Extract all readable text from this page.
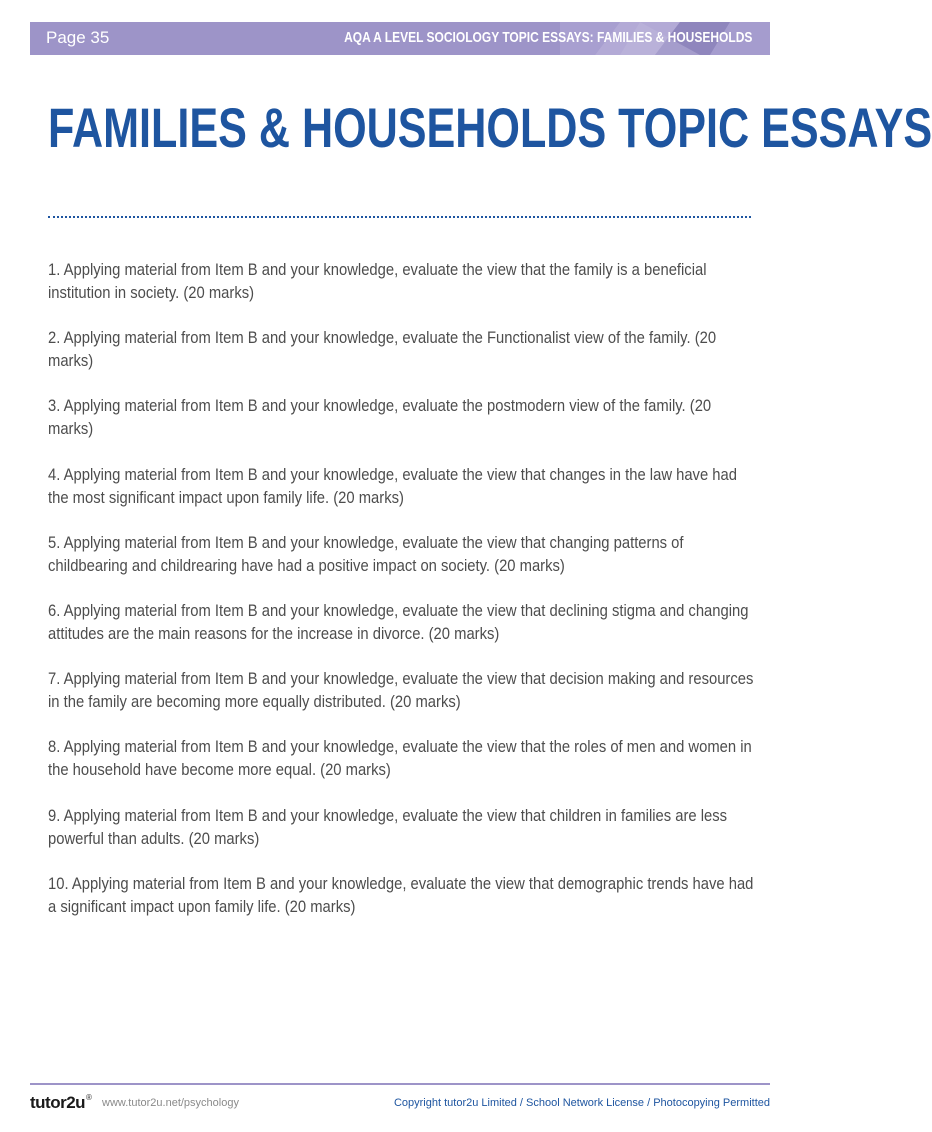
Page 35	AQA A LEVEL SOCIOLOGY TOPIC ESSAYS: FAMILIES & HOUSEHOLDS
FAMILIES & HOUSEHOLDS TOPIC ESSAYS
1. Applying material from Item B and your knowledge, evaluate the view that the family is a beneficial institution in society. (20 marks)
2. Applying material from Item B and your knowledge, evaluate the Functionalist view of the family. (20 marks)
3. Applying material from Item B and your knowledge, evaluate the postmodern view of the family. (20 marks)
4. Applying material from Item B and your knowledge, evaluate the view that changes in the law have had the most significant impact upon family life. (20 marks)
5. Applying material from Item B and your knowledge, evaluate the view that changing patterns of childbearing and childrearing have had a positive impact on society. (20 marks)
6. Applying material from Item B and your knowledge, evaluate the view that declining stigma and changing attitudes are the main reasons for the increase in divorce. (20 marks)
7. Applying material from Item B and your knowledge, evaluate the view that decision making and resources in the family are becoming more equally distributed. (20 marks)
8. Applying material from Item B and your knowledge, evaluate the view that the roles of men and women in the household have become more equal. (20 marks)
9. Applying material from Item B and your knowledge, evaluate the view that children in families are less powerful than adults. (20 marks)
10. Applying material from Item B and your knowledge, evaluate the view that demographic trends have had a significant impact upon family life. (20 marks)
tutor2u® www.tutor2u.net/psychology	Copyright tutor2u Limited / School Network License / Photocopying Permitted
